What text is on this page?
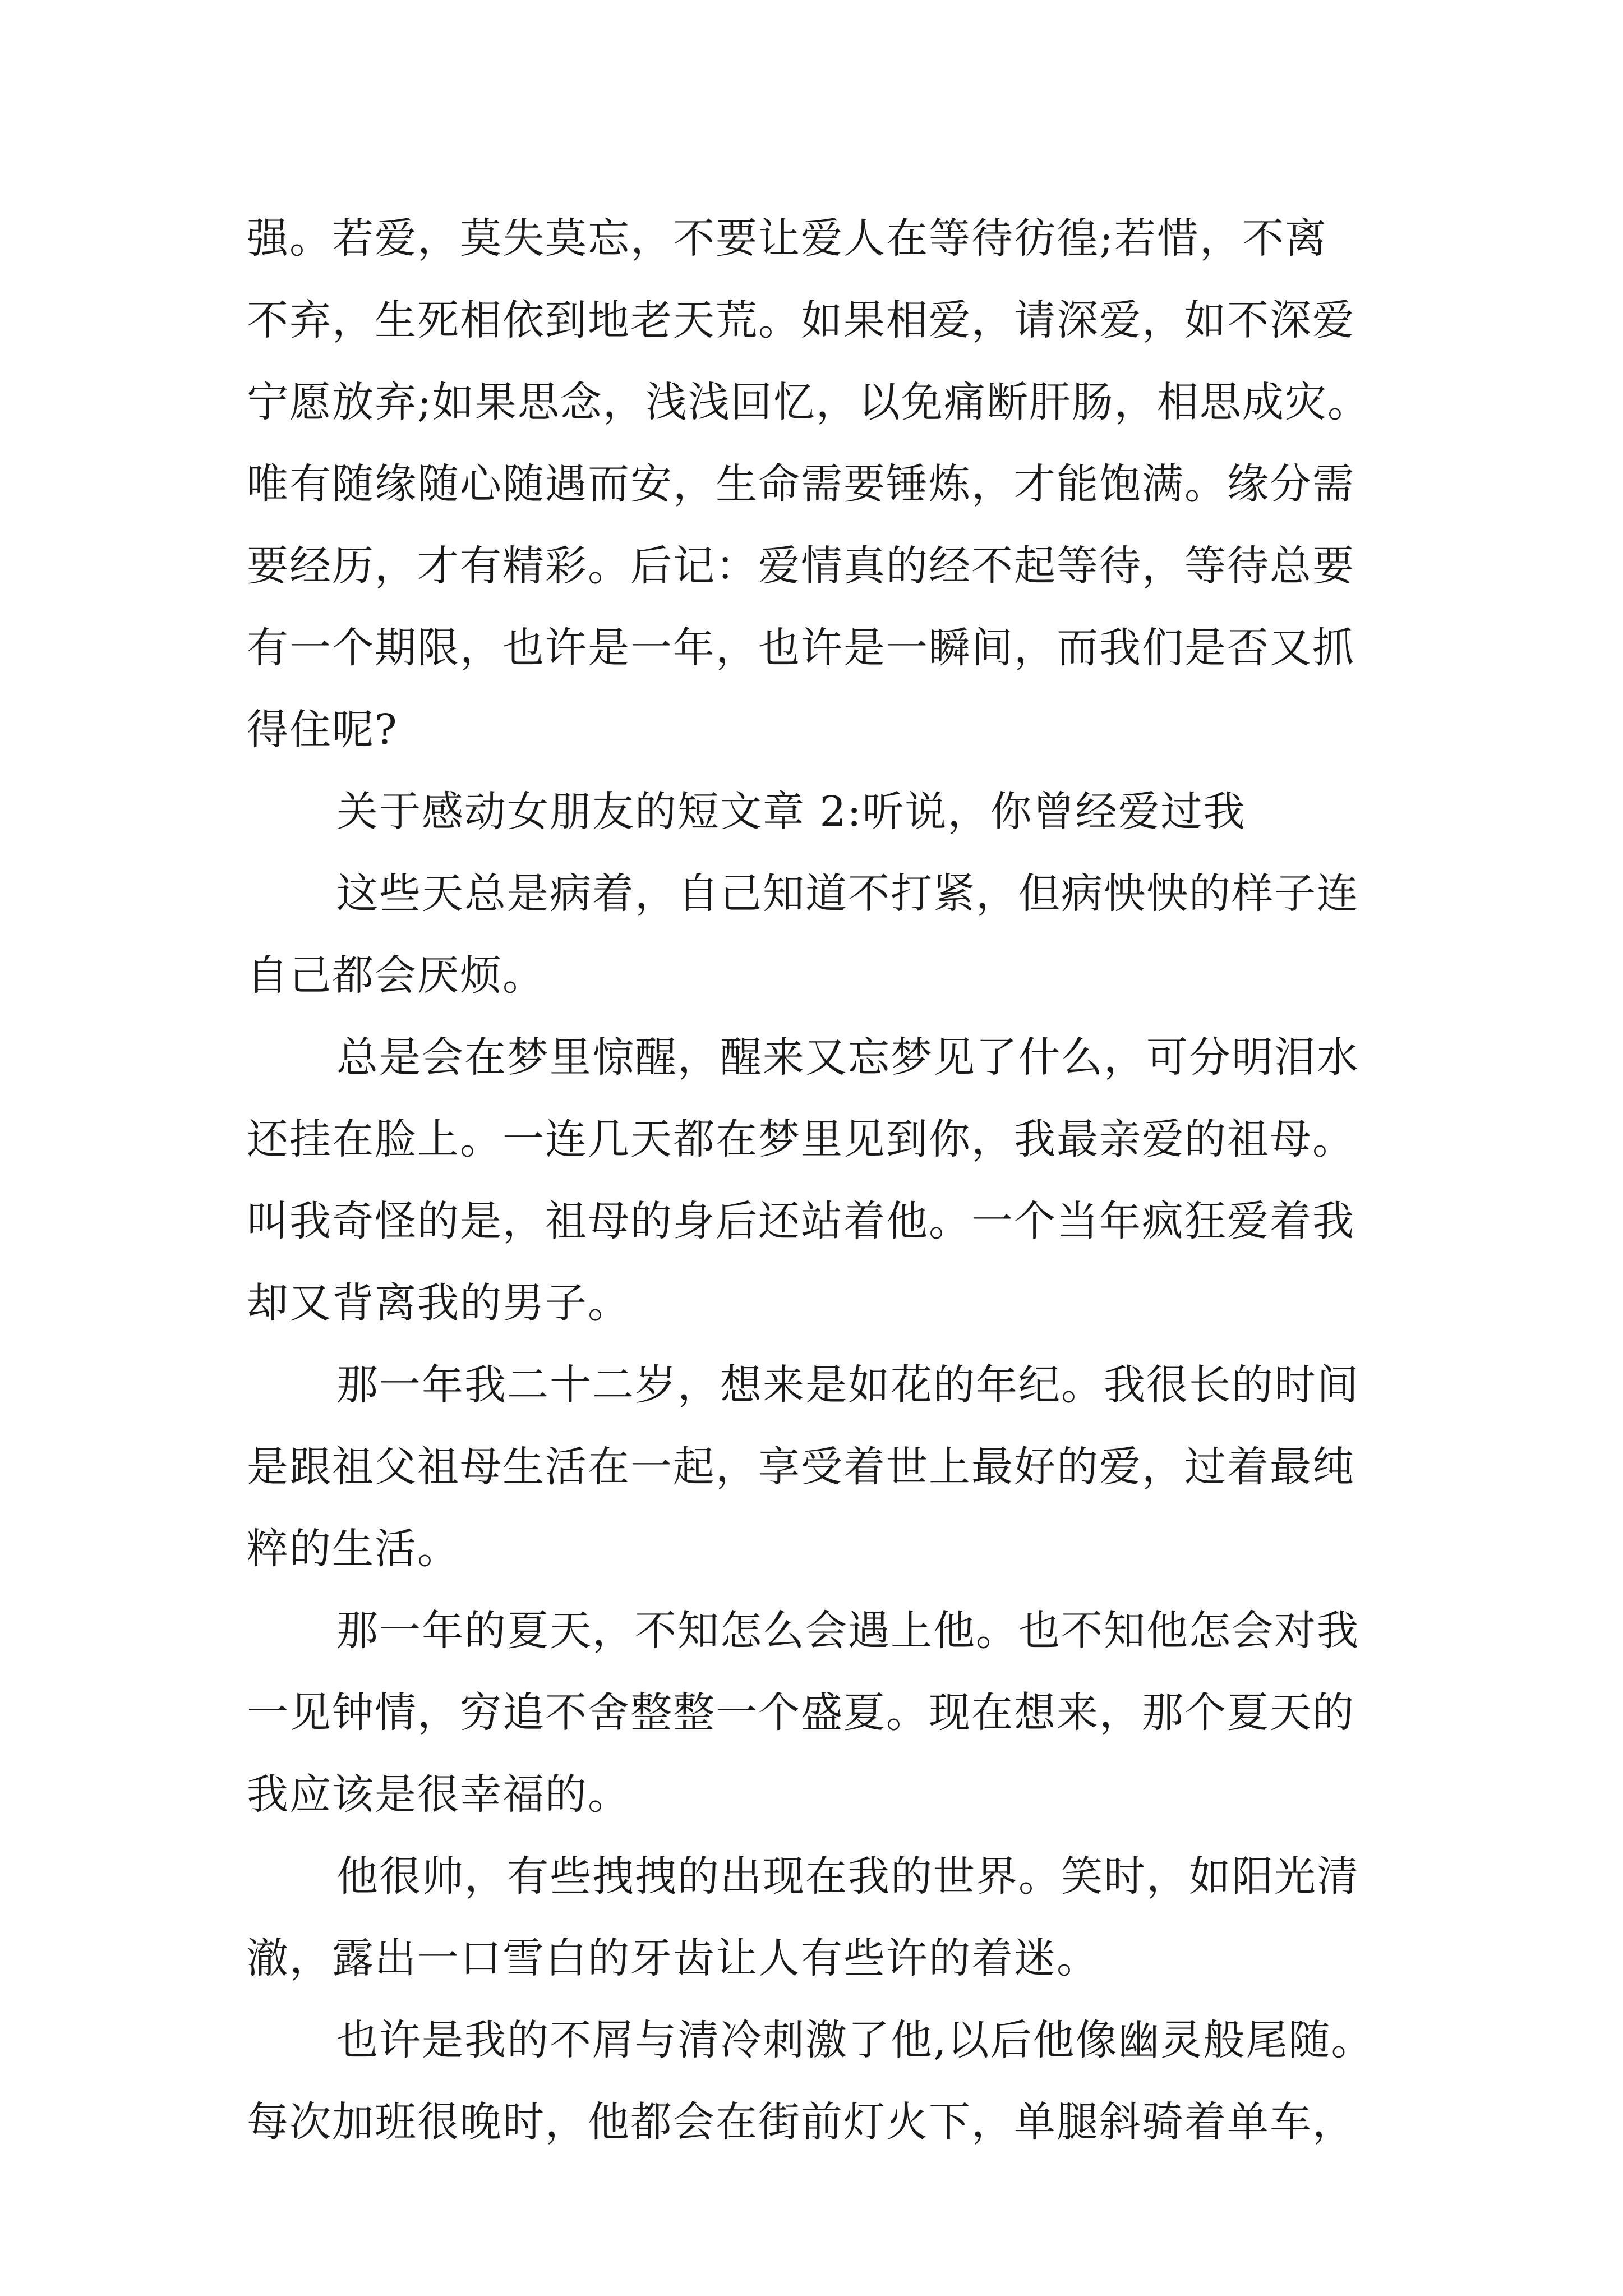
强。若爱，莫失莫忘，不要让爱人在等待彷徨;若惜，不离
不弃，生死相依到地老天荒。如果相爱，请深爱，如不深爱
宁愿放弃;如果思念，浅浅回忆，以免痛断肝肠，相思成灾。
唯有随缘随心随遇而安，生命需要锤炼，才能饱满。缘分需
要经历，才有精彩。后记：爱情真的经不起等待，等待总要
有一个期限，也许是一年，也许是一瞬间，而我们是否又抓
得住呢?
关于感动女朋友的短文章 2:听说，你曾经爱过我
这些天总是病着，自己知道不打紧，但病怏怏的样子连
自己都会厌烦。
总是会在梦里惊醒，醒来又忘梦见了什么，可分明泪水
还挂在脸上。一连几天都在梦里见到你，我最亲爱的祖母。
叫我奇怪的是，祖母的身后还站着他。一个当年疯狂爱着我
却又背离我的男子。
那一年我二十二岁，想来是如花的年纪。我很长的时间
是跟祖父祖母生活在一起，享受着世上最好的爱，过着最纯
粹的生活。
那一年的夏天，不知怎么会遇上他。也不知他怎会对我
一见钟情，穷追不舍整整一个盛夏。现在想来，那个夏天的
我应该是很幸福的。
他很帅，有些拽拽的出现在我的世界。笑时，如阳光清
澈，露出一口雪白的牙齿让人有些许的着迷。
也许是我的不屑与清冷刺激了他,以后他像幽灵般尾随。
每次加班很晚时，他都会在街前灯火下，单腿斜骑着单车，
